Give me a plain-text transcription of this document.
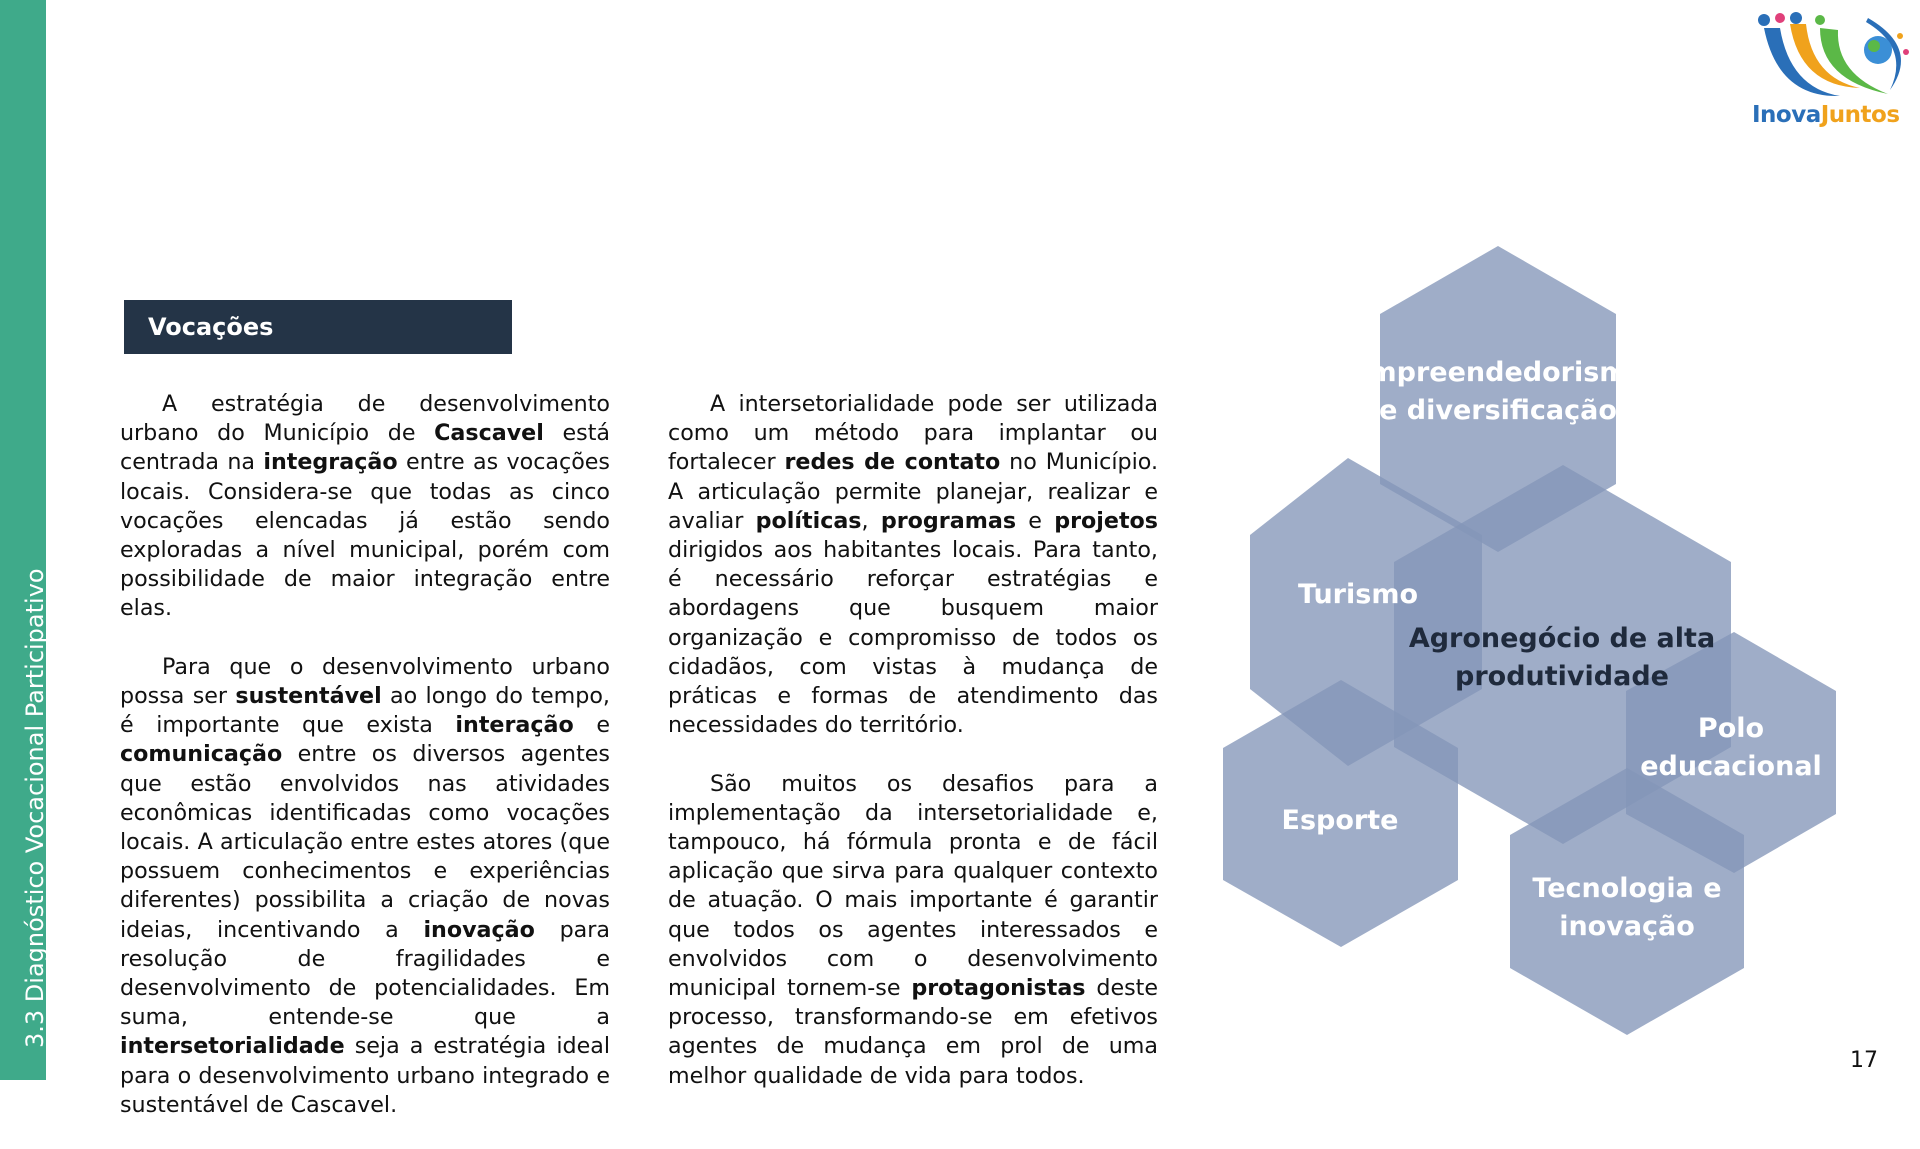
3.3 Diagnóstico Vocacional Participativo
InovaJuntos
Vocações

A estratégia de desenvolvimento urbano do Município de Cascavel está centrada na integração entre as vocações locais. Considera-se que todas as cinco vocações elencadas já estão sendo exploradas a nível municipal, porém com possibilidade de maior integração entre elas.

Para que o desenvolvimento urbano possa ser sustentável ao longo do tempo, é importante que exista interação e comunicação entre os diversos agentes que estão envolvidos nas atividades econômicas identificadas como vocações locais. A articulação entre estes atores (que possuem conhecimentos e experiências diferentes) possibilita a criação de novas ideias, incentivando a inovação para resolução de fragilidades e desenvolvimento de potencialidades. Em suma, entende-se que a intersetorialidade seja a estratégia ideal para o desenvolvimento urbano integrado e sustentável de Cascavel.

A intersetorialidade pode ser utilizada como um método para implantar ou fortalecer redes de contato no Município. A articulação permite planejar, realizar e avaliar políticas, programas e projetos dirigidos aos habitantes locais. Para tanto, é necessário reforçar estratégias e abordagens que busquem maior organização e compromisso de todos os cidadãos, com vistas à mudança de práticas e formas de atendimento das necessidades do território.

São muitos os desafios para a implementação da intersetorialidade e, tampouco, há fórmula pronta e de fácil aplicação que sirva para qualquer contexto de atuação. O mais importante é garantir que todos os agentes interessados e envolvidos com o desenvolvimento municipal tornem-se protagonistas deste processo, transformando-se em efetivos agentes de mudança em prol de uma melhor qualidade de vida para todos.

Empreendedorismo
e diversificação
Turismo
Agronegócio de alta
produtividade
Polo
educacional
Esporte
Tecnologia e
inovação
17
